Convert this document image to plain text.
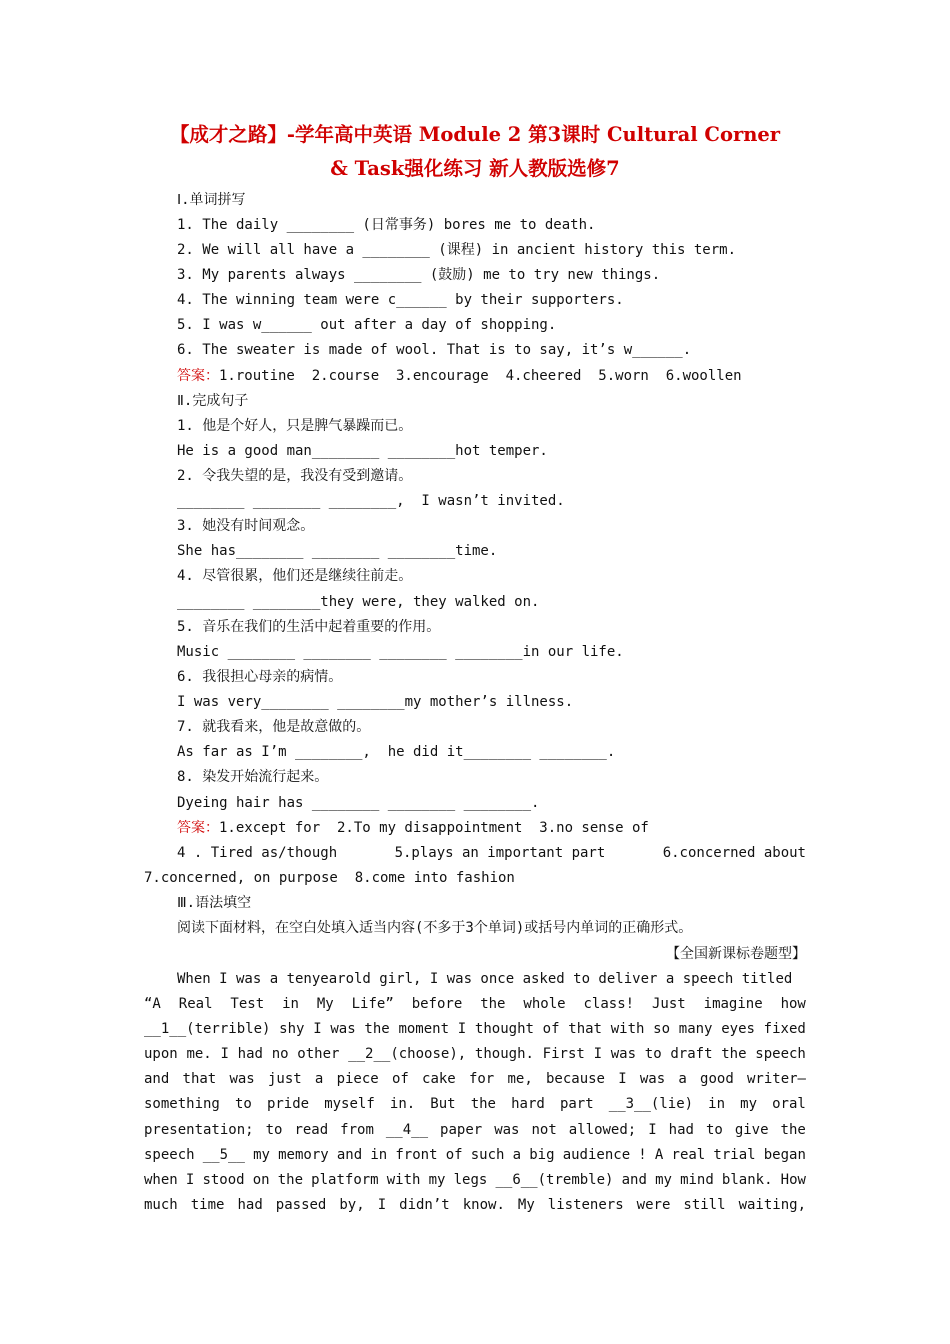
【成才之路】-学年高中英语 Module 2 第3课时 Cultural Corner
& Task强化练习 新人教版选修7
Ⅰ.单词拼写
1. The daily ________ (日常事务) bores me to death.
2. We will all have a ________ (课程) in ancient history this term.
3. My parents always ________ (鼓励) me to try new things.
4. The winning team were c______ by their supporters.
5. I was w______ out after a day of shopping.
6. The sweater is made of wool. That is to say, it’s w______.
答案：1.routine  2.course  3.encourage  4.cheered  5.worn  6.woollen
Ⅱ.完成句子
1. 他是个好人，只是脾气暴躁而已。
He is a good man________ ________hot temper.
2. 令我失望的是，我没有受到邀请。
________ ________ ________,  I wasn’t invited.
3. 她没有时间观念。
She has________ ________ ________time.
4. 尽管很累，他们还是继续往前走。
________ ________they were, they walked on.
5. 音乐在我们的生活中起着重要的作用。
Music ________ ________ ________ ________in our life.
6. 我很担心母亲的病情。
I was very________ ________my mother’s illness.
7. 就我看来，他是故意做的。
As far as I’m ________,  he did it________ ________.
8. 染发开始流行起来。
Dyeing hair has ________ ________ ________.
答案：1.except for  2.To my disappointment  3.no sense of
4 . Tired as/though	5.plays an important part	6.concerned about
7.concerned, on purpose  8.come into fashion
Ⅲ.语法填空
阅读下面材料，在空白处填入适当内容(不多于3个单词)或括号内单词的正确形式。
【全国新课标卷题型】
When I was a tenyearold girl, I was once asked to deliver a speech titled
“A Real Test in My Life” before the whole class! Just imagine how
__1__(terrible) shy I was the moment I thought of that with so many eyes fixed
upon me. I had no other __2__(choose), though. First I was to draft the speech
and that was just a piece of cake for me, because I was a good writer—
something to pride myself in. But the hard part __3__(lie) in my oral
presentation; to read from __4__ paper was not allowed; I had to give the
speech __5__ my memory and in front of such a big audience ! A real trial began
when I stood on the platform with my legs __6__(tremble) and my mind blank. How
much time had passed by, I didn’t know. My listeners were still waiting,
